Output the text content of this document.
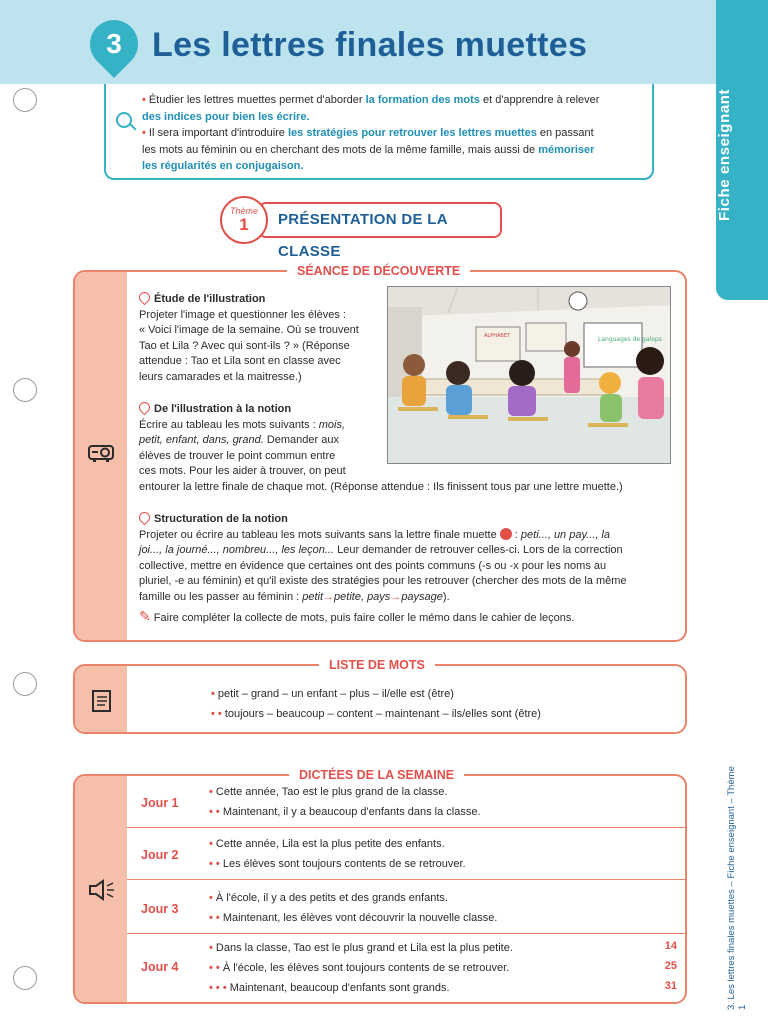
3 Les lettres finales muettes
Fiche enseignant
3. Les lettres finales muettes – Fiche enseignant – Thème 1
• Étudier les lettres muettes permet d'aborder la formation des mots et d'apprendre à relever
des indices pour bien les écrire.
• Il sera important d'introduire les stratégies pour retrouver les lettres muettes en passant
les mots au féminin ou en cherchant des mots de la même famille, mais aussi de mémoriser
les régularités en conjugaison.
PRÉSENTATION DE LA CLASSE
Thème
1
SÉANCE DE DÉCOUVERTE
Étude de l'illustration
Projeter l'image et questionner les élèves :
« Voici l'image de la semaine. Où se trouvent
Tao et Lila ? Avec qui sont-ils ? » (Réponse
attendue : Tao et Lila sont en classe avec
leurs camarades et la maitresse.)
De l'illustration à la notion
Écrire au tableau les mots suivants : mois,
petit, enfant, dans, grand. Demander aux
élèves de trouver le point commun entre
ces mots. Pour les aider à trouver, on peut
entourer la lettre finale de chaque mot. (Réponse attendue : Ils finissent tous par une lettre muette.)
Structuration de la notion
Projeter ou écrire au tableau les mots suivants sans la lettre finale muette  : peti..., un pay..., la
joi..., la journé..., nombreu..., les leçon... Leur demander de retrouver celles-ci. Lors de la correction
collective, mettre en évidence que certaines ont des points communs (-s ou -x pour les noms au
pluriel, -e au féminin) et qu'il existe des stratégies pour les retrouver (chercher des mots de la même
famille ou les passer au féminin : petit→petite, pays→paysage).
✎ Faire compléter la collecte de mots, puis faire coller le mémo dans le cahier de leçons.
Languages de galops
ALPHABET
LISTE DE MOTS
• petit – grand – un enfant – plus – il/elle est (être)
• • toujours – beaucoup – content – maintenant – ils/elles sont (être)
DICTÉES DE LA SEMAINE
Jour 1
• Cette année, Tao est le plus grand de la classe.
• • Maintenant, il y a beaucoup d'enfants dans la classe.
Jour 2
• Cette année, Lila est la plus petite des enfants.
• • Les élèves sont toujours contents de se retrouver.
Jour 3
• À l'école, il y a des petits et des grands enfants.
• • Maintenant, les élèves vont découvrir la nouvelle classe.
Jour 4
• Dans la classe, Tao est le plus grand et Lila est la plus petite.
• • À l'école, les élèves sont toujours contents de se retrouver.
• • • Maintenant, beaucoup d'enfants sont grands.
14
25
31
